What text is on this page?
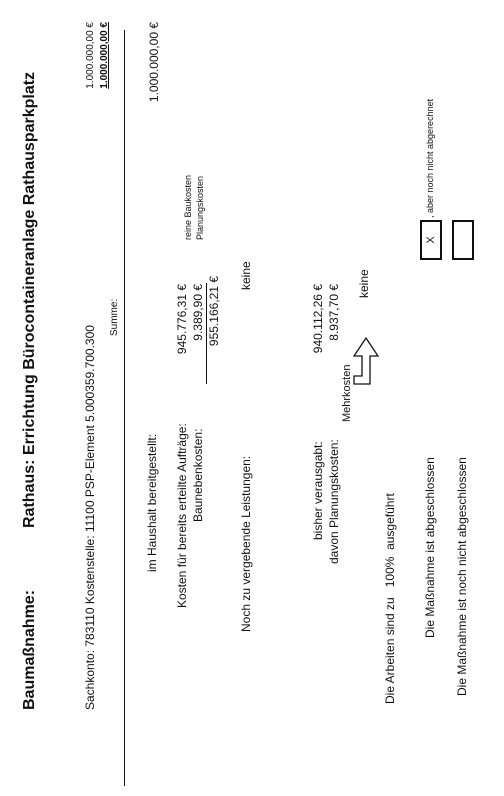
Baumaßnahme:
Rathaus: Errichtung Bürocontaineranlage Rathausparkplatz	Sachkonto: 783110 Kostenstelle: 11100 PSP-Element 5.000359.700.300
1.000.000,00 € 1.000.000,00 €
Summe:
im Haushalt bereitgestellt:
1.000.000,00 €
Kosten für bereits erteilte Aufträge: Baunebenkosten:
945.776,31 € 9.389,90 € 955.166,21 €
reine Baukosten Planungskosten
Noch zu vergebende Leistungen:
keine
bisher verausgabt: davon Planungskosten:
Mehrkosten
940.112,26 € 8.937,70 €
keine
Die Arbeiten sind zu   100%  ausgeführt Die Maßnahme ist abgeschlossen
X
, aber noch nicht abgerechnet
Die Maßnahme ist noch nicht abgeschlossen
